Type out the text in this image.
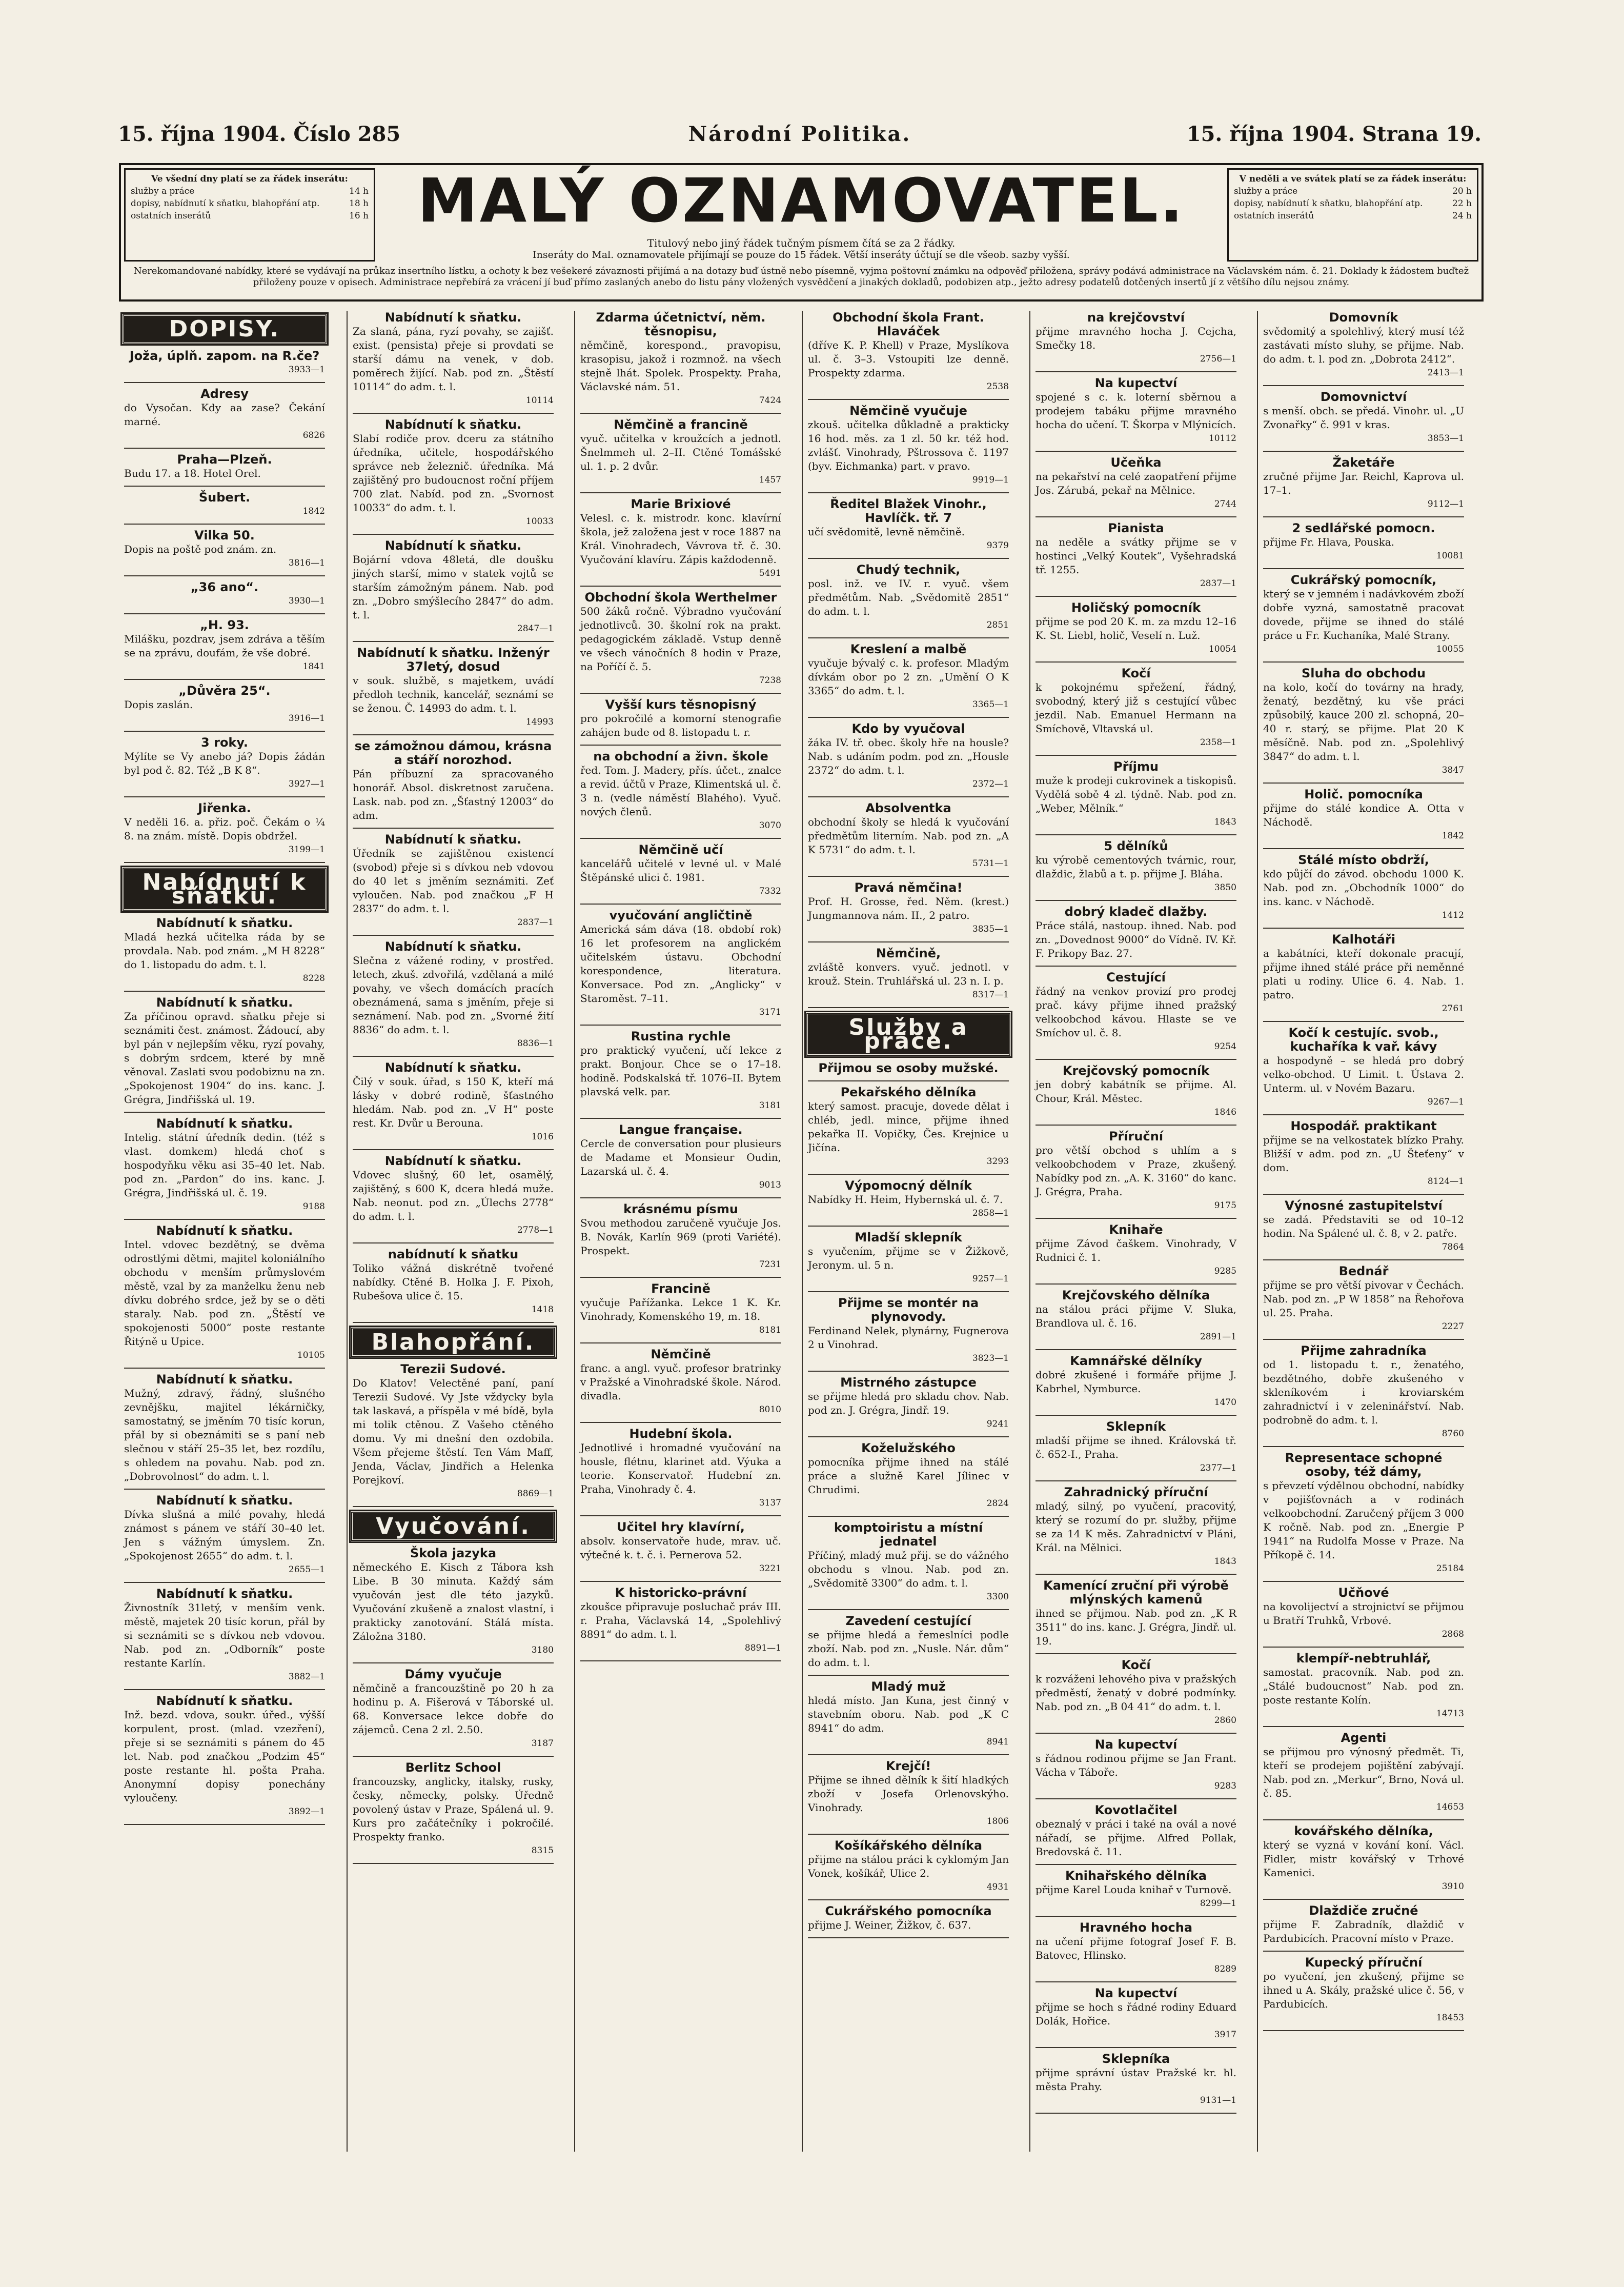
15. října 1904. Číslo 285	Národní Politika.	15. října 1904. Strana 19.
Ve všední dny platí se za řádek inserátu:
služby a práce	14 h
dopisy, nabídnutí k sňatku, blahopřání atp.	18 h
ostatních inserátů	16 h MALÝ OZNAMOVATEL.
Titulový nebo jiný řádek tučným písmem čítá se za 2 řádky.
Inseráty do Mal. oznamovatele přijímají se pouze do 15 řádek. Větší inseráty účtují se dle všeob. sazby vyšší.
V neděli a ve svátek platí se za řádek inserátu:
služby a práce	20 h
dopisy, nabídnutí k sňatku, blahopřání atp.	22 h
ostatních inserátů	24 h
Nerekomandované nabídky, které se vydávají na průkaz insertního lístku, a ochoty k bez vešekeré závaznosti přijímá a na dotazy buď ústně nebo písemně, vyjma poštovní známku na odpověď přiložena, správy podává administrace na Václavském nám. č. 21. Doklady k žádostem buďtež přiloženy pouze v opisech. Administrace nepřebírá za vrácení jí buď přímo zaslaných anebo do listu pány vložených vysvědčení a jinakých dokladů, podobizen atp., ježto adresy podatelů dotčených insertů jí z většího dílu nejsou známy.
DOPISY.
Joža, úplň. zapom. na R.če?
3933—1
Adresy
do Vysočan. Kdy aa zase? Čekání marné.
6826
Praha—Plzeň.
Budu 17. a 18. Hotel Orel.
Šubert.
1842
Vilka 50.
Dopis na poště pod znám. zn.
3816—1
„36 ano“.
3930—1
„H. 93.
Milášku, pozdrav, jsem zdráva a těším se na zprávu, doufám, že vše dobré.
1841
„Důvěra 25“.
Dopis zaslán.
3916—1
3 roky.
Mýlíte se Vy anebo já? Dopis žádán byl pod č. 82. Též „B K 8“.
3927—1
Jiřenka.
V neděli 16. a. přiz. poč. Čekám o ¼ 8. na znám. místě. Dopis obdržel.
3199—1
Nabídnutí k sňatku.
Nabídnutí k sňatku.
Mladá hezká učitelka ráda by se provdala. Nab. pod znám. „M H 8228“ do 1. listopadu do adm. t. l.
8228
Nabídnutí k sňatku.
Za příčinou opravd. sňatku přeje si seznámiti čest. známost. Žádoucí, aby byl pán v nejlepším věku, ryzí povahy, s dobrým srdcem, které by mně věnoval. Zaslati svou podobiznu na zn. „Spokojenost 1904“ do ins. kanc. J. Grégra, Jindřišská ul. 19.
Nabídnutí k sňatku.
Intelig. státní úředník dedin. (též s vlast. domkem) hledá choť s hospodyňku věku asi 35–40 let. Nab. pod zn. „Pardon“ do ins. kanc. J. Grégra, Jindřišská ul. č. 19.
9188
Nabídnutí k sňatku.
Intel. vdovec bezdětný, se dvěma odrostlými dětmi, majitel koloniálního obchodu v menším průmyslovém městě, vzal by za manželku ženu neb dívku dobrého srdce, jež by se o děti staraly. Nab. pod zn. „Štěstí ve spokojenosti 5000“ poste restante Řitýně u Upice.
10105
Nabídnutí k sňatku.
Mužný, zdravý, řádný, slušného zevnějšku, majitel lékárničky, samostatný, se jměním 70 tisíc korun, přál by si obeznámiti se s paní neb slečnou v stáří 25–35 let, bez rozdílu, s ohledem na povahu. Nab. pod zn. „Dobrovolnost“ do adm. t. l.
Nabídnutí k sňatku.
Dívka slušná a milé povahy, hledá známost s pánem ve stáří 30–40 let. Jen s vážným úmyslem. Zn. „Spokojenost 2655“ do adm. t. l.
2655—1
Nabídnutí k sňatku.
Živnostník 31letý, v menším venk. městě, majetek 20 tisíc korun, přál by si seznámiti se s dívkou neb vdovou. Nab. pod zn. „Odborník“ poste restante Karlín.
3882—1
Nabídnutí k sňatku.
Inž. bezd. vdova, soukr. úřed., výšší korpulent, prost. (mlad. vzezření), přeje si se seznámiti s pánem do 45 let. Nab. pod značkou „Podzim 45“ poste restante hl. pošta Praha. Anonymní dopisy ponechány vyloučeny.
3892—1
Nabídnutí k sňatku.
Za slaná, pána, ryzí povahy, se zajišť. exist. (pensista) přeje si provdati se starší dámu na venek, v dob. poměrech žijící. Nab. pod zn. „Štěstí 10114“ do adm. t. l.
10114
Nabídnutí k sňatku.
Slabí rodiče prov. dceru za státního úředníka, učitele, hospodářského správce neb železnič. úředníka. Má zajištěný pro budoucnost roční příjem 700 zlat. Nabíd. pod zn. „Svornost 10033“ do adm. t. l.
10033
Nabídnutí k sňatku.
Bojární vdova 48letá, dle doušku jiných starší, mimo v statek vojtů se starším zámožným pánem. Nab. pod zn. „Dobro smýšlecího 2847“ do adm. t. l.
2847—1
Nabídnutí k sňatku. Inženýr 37letý, dosud
v souk. službě, s majetkem, uvádí předloh technik, kancelář, seznámí se se ženou. Č. 14993 do adm. t. l.
14993
se zámožnou dámou, krásna a stáří norozhod.
Pán příbuzní za spracovaného honorář. Absol. diskretnost zaručena. Lask. nab. pod zn. „Šťastný 12003“ do adm.
Nabídnutí k sňatku.
Úředník se zajištěnou existencí (svobod) přeje si s dívkou neb vdovou do 40 let s jměním seznámiti. Zeť vyloučen. Nab. pod značkou „F H 2837“ do adm. t. l.
2837—1
Nabídnutí k sňatku.
Slečna z vážené rodiny, v prostřed. letech, zkuš. zdvořilá, vzdělaná a milé povahy, ve všech domácích pracích obeznámená, sama s jměním, přeje si seznámení. Nab. pod zn. „Svorné žití 8836“ do adm. t. l.
8836—1
Nabídnutí k sňatku.
Čilý v souk. úřad, s 150 K, kteří má lásky v dobré rodině, šťastného hledám. Nab. pod zn. „V H“ poste rest. Kr. Dvůr u Berouna.
1016
Nabídnutí k sňatku.
Vdovec slušný, 60 let, osamělý, zajištěný, s 600 K, dcera hledá muže. Nab. neonut. pod zn. „Úlechs 2778“ do adm. t. l.
2778—1
nabídnutí k sňatku
Toliko vážná diskrétně tvořené nabídky. Ctěné B. Holka J. F. Pixoh, Rubešova ulice č. 15.
1418
Blahopřání.
Terezii Sudové.
Do Klatov! Velectěné paní, paní Terezii Sudové. Vy Jste vždycky byla tak laskavá, a příspěla v mé bídě, byla mi tolik ctěnou. Z Vašeho ctěného domu. Vy mi dnešní den ozdobila. Všem přejeme štěstí. Ten Vám Maff, Jenda, Václav, Jindřich a Helenka Porejkoví.
8869—1
Vyučování.
Škola jazyka
německého E. Kisch z Tábora ksh Libe. B 30 minuta. Každý sám vyučován jest dle této jazyků. Vyučování zkušeně a znalost vlastní, i prakticky zanotování. Stálá místa. Záložna 3180.
3180
Dámy vyučuje
němčině a francouzštině po 20 h za hodinu p. A. Fišerová v Táborské ul. 68. Konversace lekce dobře do zájemců. Cena 2 zl. 2.50.
3187
Berlitz School
francouzsky, anglicky, italsky, rusky, česky, německy, polsky. Úředně povolený ústav v Praze, Spálená ul. 9. Kurs pro začátečníky i pokročilé. Prospekty franko.
8315
Zdarma účetnictví, něm. těsnopisu,
němčině, korespond., pravopisu, krasopisu, jakož i rozmnož. na všech stejně lhát. Spolek. Prospekty. Praha, Václavské nám. 51.
7424
Němčině a francině
vyuč. učitelka v kroužcích a jednotl. Šnelmmeh ul. 2–II. Ctěné Tomášské ul. 1. p. 2 dvůr.
1457
Marie Brixiové
Velesl. c. k. mistrodr. konc. klavírní škola, jež založena jest v roce 1887 na Král. Vinohradech, Vávrova tř. č. 30. Vyučování klavíru. Zápis každodenně.
5491
Obchodní škola Werthelmer
500 žáků ročně. Výbradno vyučování jednotlivců. 30. školní rok na prakt. pedagogickém základě. Vstup denně ve všech vánočních 8 hodin v Praze, na Poříčí č. 5.
7238
Vyšší kurs těsnopisný
pro pokročilé a komorní stenografie zahájen bude od 8. listopadu t. r.
na obchodní a živn. škole
řed. Tom. J. Madery, přís. účet., znalce a revid. účtů v Praze, Klimentská ul. č. 3 n. (vedle náměstí Blahého). Vyuč. nových členů.
3070
Němčině učí
kancelářů učitelé v levné ul. v Malé Štěpánské ulici č. 1981.
7332
vyučování angličtině
Americká sám dáva (18. období rok) 16 let profesorem na anglickém učitelském ústavu. Obchodní korespondence, literatura. Konversace. Pod zn. „Anglicky“ v Staroměst. 7–11.
3171
Rustina rychle
pro praktický vyučení, učí lekce z prakt. Bonjour. Chce se o 17–18. hodině. Podskalská tř. 1076–II. Bytem plavská velk. par.
3181
Langue française.
Cercle de conversation pour plusieurs de Madame et Monsieur Oudin, Lazarská ul. č. 4.
9013
krásnému písmu
Svou methodou zaručeně vyučuje Jos. B. Novák, Karlín 969 (proti Variété). Prospekt.
7231
Francině
vyučuje Pařížanka. Lekce 1 K. Kr. Vinohrady, Komenského 19, m. 18.
8181
Němčině
franc. a angl. vyuč. profesor bratrinky v Pražské a Vinohradské škole. Národ. divadla.
8010
Hudební škola.
Jednotlivé i hromadné vyučování na housle, flétnu, klarinet atd. Výuka a teorie. Konservatoř. Hudební zn. Praha, Vinohrady č. 4.
3137
Učitel hry klavírní,
absolv. konservatoře hude, mrav. uč. výtečné k. t. č. i. Pernerova 52.
3221
K historicko-právní
zkoušce připravuje posluchač práv III. r. Praha, Václavská 14, „Spolehlivý 8891“ do adm. t. l.
8891—1
Obchodní škola Frant. Hlaváček
(dříve K. P. Khell) v Praze, Myslíkova ul. č. 3–3. Vstoupiti lze denně. Prospekty zdarma.
2538
Němčině vyučuje
zkouš. učitelka důkladně a prakticky 16 hod. měs. za 1 zl. 50 kr. též hod. zvlášť. Vinohrady, Pštrossova č. 1197 (byv. Eichmanka) part. v pravo.
9919—1
Ředitel Blažek Vinohr., Havlíčk. tř. 7
učí svědomitě, levně němčině.
9379
Chudý technik,
posl. inž. ve IV. r. vyuč. všem předmětům. Nab. „Svědomitě 2851“ do adm. t. l.
2851
Kreslení a malbě
vyučuje bývalý c. k. profesor. Mladým dívkám obor po 2 zn. „Umění O K 3365“ do adm. t. l.
3365—1
Kdo by vyučoval
žáka IV. tř. obec. školy hře na housle? Nab. s udáním podm. pod zn. „Housle 2372“ do adm. t. l.
2372—1
Absolventka
obchodní školy se hledá k vyučování předmětům literním. Nab. pod zn. „A K 5731“ do adm. t. l.
5731—1
Pravá němčina!
Prof. H. Grosse, řed. Něm. (krest.) Jungmannova nám. II., 2 patro.
3835—1
Němčině,
zvláště konvers. vyuč. jednotl. v krouž. Stein. Truhlářská ul. 23 n. I. p.
8317—1
Služby a práce.
Přijmou se osoby mužské.
Pekařského dělníka
který samost. pracuje, dovede dělat i chléb, jedl. mince, přijme ihned pekařka II. Vopičky, Čes. Krejnice u Jičína.
3293
Výpomocný dělník
Nabídky H. Heim, Hybernská ul. č. 7.
2858—1
Mladší sklepník
s vyučením, přijme se v Žižkově, Jeronym. ul. 5 n.
9257—1
Přijme se montér na plynovody.
Ferdinand Nelek, plynárny, Fugnerova 2 u Vinohrad.
3823—1
Mistrného zástupce
se přijme hledá pro skladu chov. Nab. pod zn. J. Grégra, Jindř. 19.
9241
Koželužského
pomocníka přijme ihned na stálé práce a služně Karel Jílinec v Chrudimi.
2824
komptoiristu a místní jednatel
Příčiný, mladý muž přij. se do vážného obchodu s vlnou. Nab. pod zn. „Svědomitě 3300“ do adm. t. l.
3300
Zavedení cestující
se přijme hledá a řemeslníci podle zboží. Nab. pod zn. „Nusle. Nár. dům“ do adm. t. l.
Mladý muž
hledá místo. Jan Kuna, jest činný v stavebním oboru. Nab. pod „K C 8941“ do adm.
8941
Krejčí!
Přijme se ihned dělník k šití hladkých zboží v Josefa Orlenovskýho. Vinohrady.
1806
Košíkářského dělníka
přijme na stálou práci k cyklomým Jan Vonek, košíkář, Ulice 2.
4931
Cukrářského pomocníka
přijme J. Weiner, Žižkov, č. 637.
na krejčovství
přijme mravného hocha J. Cejcha, Smečky 18.
2756—1
Na kupectví
spojené s c. k. loterní sběrnou a prodejem tabáku přijme mravného hocha do učení. T. Škorpa v Mlýnicích.
10112
Učeňka
na pekařství na celé zaopatření přijme Jos. Zárubá, pekař na Mělnice.
2744
Pianista
na neděle a svátky přijme se v hostinci „Velký Koutek“, Vyšehradská tř. 1255.
2837—1
Holičský pomocník
přijme se pod 20 K. m. za mzdu 12–16 K. St. Liebl, holič, Veselí n. Luž.
10054
Kočí
k pokojnému spřežení, řádný, svobodný, který již s cestující vůbec jezdil. Nab. Emanuel Hermann na Smíchově, Vltavská ul.
2358—1
Příjmu
muže k prodeji cukrovinek a tiskopisů. Vydělá sobě 4 zl. týdně. Nab. pod zn. „Weber, Mělník.“
1843
5 dělníků
ku výrobě cementových tvárnic, rour, dlaždic, žlabů a t. p. přijme J. Bláha.
3850
dobrý kladeč dlažby.
Práce stálá, nastoup. ihned. Nab. pod zn. „Dovednost 9000“ do Vídně. IV. Kř. F. Prikopy Baz. 27.
Cestující
řádný na venkov provizí pro prodej prač. kávy přijme ihned pražský velkoobchod kávou. Hlaste se ve Smíchov ul. č. 8.
9254
Krejčovský pomocník
jen dobrý kabátník se přijme. Al. Chour, Král. Městec.
1846
Příruční
pro větší obchod s uhlím a s velkoobchodem v Praze, zkušený. Nabídky pod zn. „A. K. 3160“ do kanc. J. Grégra, Praha.
9175
Knihaře
přijme Závod čaškem. Vinohrady, V Rudnici č. 1.
9285
Krejčovského dělníka
na stálou práci přijme V. Sluka, Brandlova ul. č. 16.
2891—1
Kamnářské dělníky
dobré zkušené i formáře přijme J. Kabrhel, Nymburce.
1470
Sklepník
mladší přijme se ihned. Královská tř. č. 652-I., Praha.
2377—1
Zahradnický příruční
mladý, silný, po vyučení, pracovitý, který se rozumí do pr. služby, přijme se za 14 K měs. Zahradnictví v Pláni, Král. na Mělnici.
1843
Kamenící zruční při výrobě mlýnských kamenů
ihned se přijmou. Nab. pod zn. „K R 3511“ do ins. kanc. J. Grégra, Jindř. ul. 19.
Kočí
k rozváženi lehového piva v pražských předměstí, ženatý v dobré podmínky. Nab. pod zn. „B 04 41“ do adm. t. l.
2860
Na kupectví
s řádnou rodinou přijme se Jan Frant. Vácha v Táboře.
9283
Kovotlačitel
obeznalý v práci i také na ovál a nové nářadí, se přijme. Alfred Pollak, Bredovská č. 11.
Knihařského dělníka
přijme Karel Louda knihař v Turnově.
8299—1
Hravného hocha
na učení přijme fotograf Josef F. B. Batovec, Hlinsko.
8289
Na kupectví
přijme se hoch s řádné rodiny Eduard Dolák, Hořice.
3917
Sklepníka
přijme správní ústav Pražské kr. hl. města Prahy.
9131—1
Domovník
svědomitý a spolehlivý, který musí též zastávati místo sluhy, se přijme. Nab. do adm. t. l. pod zn. „Dobrota 2412“.
2413—1
Domovnictví
s menší. obch. se předá. Vinohr. ul. „U Zvonařky“ č. 991 v kras.
3853—1
Žaketáře
zručné přijme Jar. Reichl, Kaprova ul. 17–1.
9112—1
2 sedlářské pomocn.
přijme Fr. Hlava, Pouska.
10081
Cukrářský pomocník,
který se v jemném i nadávkovém zboží dobře vyzná, samostatně pracovat dovede, přijme se ihned do stálé práce u Fr. Kuchaníka, Malé Strany.
10055
Sluha do obchodu
na kolo, kočí do továrny na hrady, ženatý, bezdětný, ku vše práci způsobilý, kauce 200 zl. schopná, 20–40 r. starý, se přijme. Plat 20 K měsíčně. Nab. pod zn. „Spolehlivý 3847“ do adm. t. l.
3847
Holič. pomocníka
přijme do stálé kondice A. Otta v Náchodě.
1842
Stálé místo obdrží,
kdo půjčí do závod. obchodu 1000 K. Nab. pod zn. „Obchodník 1000“ do ins. kanc. v Náchodě.
1412
Kalhotáři
a kabátníci, kteří dokonale pracují, přijme ihned stálé práce při neměnné plati u rodiny. Ulice 6. 4. Nab. 1. patro.
2761
Kočí k cestujíc. svob., kuchaříka k vař. kávy
a hospodyně – se hledá pro dobrý velko-obchod. U Limit. t. Ústava 2. Unterm. ul. v Novém Bazaru.
9267—1
Hospodář. praktikant
přijme se na velkostatek blízko Prahy. Bližší v adm. pod zn. „U Šteťeny“ v dom.
8124—1
Výnosné zastupitelství
se zadá. Představiti se od 10–12 hodin. Na Spálené ul. č. 8, v 2. patře.
7864
Bednář
přijme se pro větší pivovar v Čechách. Nab. pod zn. „P W 1858“ na Řehořova ul. 25. Praha.
2227
Přijme zahradníka
od 1. listopadu t. r., ženatého, bezdětného, dobře zkušeného v skleníkovém i kroviarském zahradnictví i v zeleninářství. Nab. podrobně do adm. t. l.
8760
Representace schopné osoby, též dámy,
s převzetí výdělnou obchodní, nabídky v pojišťovnách a v rodinách velkoobchodní. Zaručený příjem 3 000 K ročně. Nab. pod zn. „Energie P 1941“ na Rudolfa Mosse v Praze. Na Příkopě č. 14.
25184
Učňové
na kovolijectví a strojnictví se přijmou u Bratří Truhků, Vrbové.
2868
klempíř-nebtruhlář,
samostat. pracovník. Nab. pod zn. „Stálé budoucnost“ Nab. pod zn. poste restante Kolín.
14713
Agenti
se přijmou pro výnosný předmět. Ti, kteří se prodejem pojištění zabývají. Nab. pod zn. „Merkur“, Brno, Nová ul. č. 85.
14653
kovářského dělníka,
který se vyzná v kování koní. Václ. Fidler, mistr kovářský v Trhové Kamenici.
3910
Dlaždiče zručné
přijme F. Zabradník, dlaždič v Pardubicích. Pracovní místo v Praze.
Kupecký příruční
po vyučení, jen zkušený, přijme se ihned u A. Skály, pražské ulice č. 56, v Pardubicích.
18453
